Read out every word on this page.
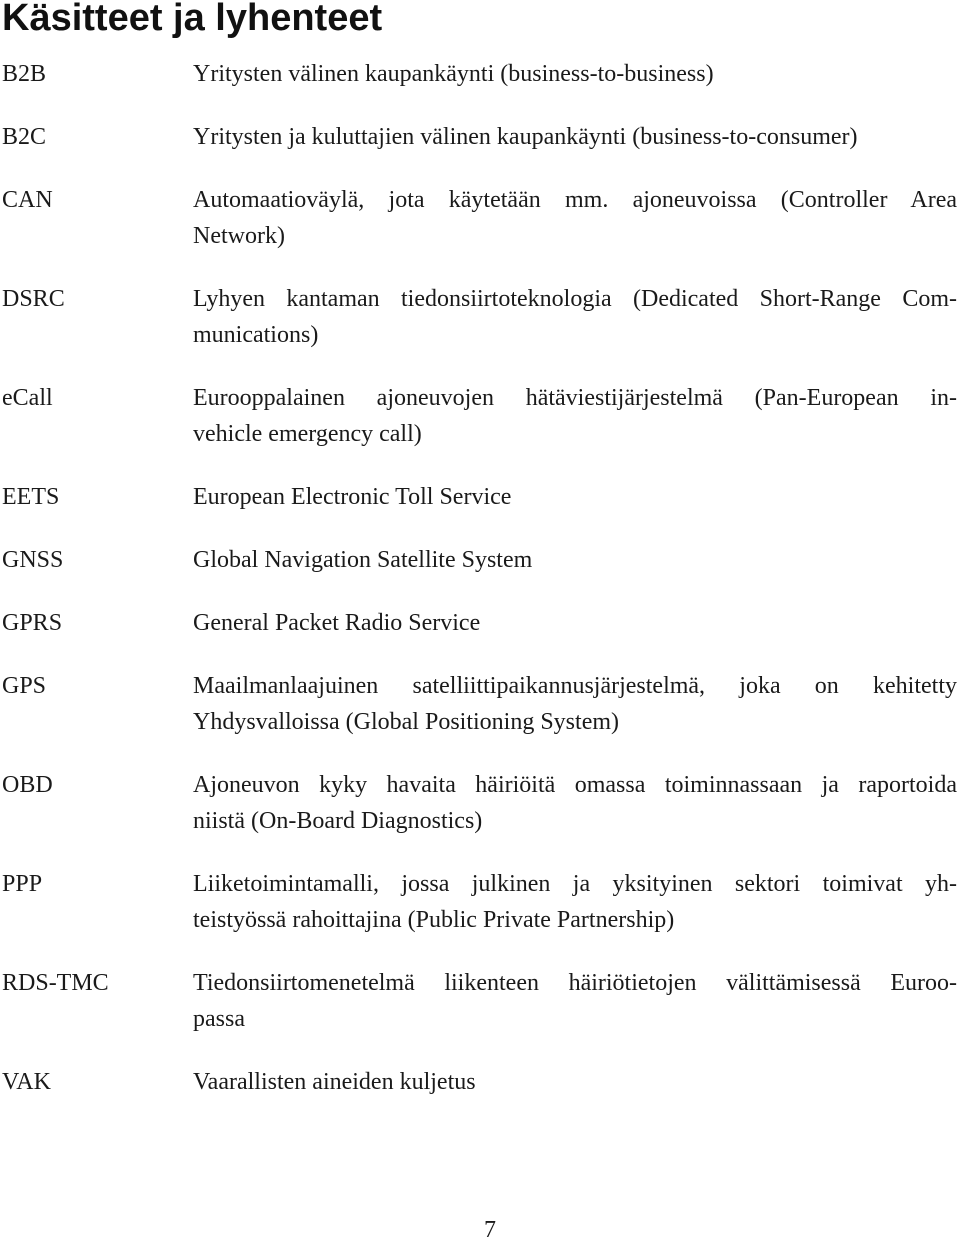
Käsitteet ja lyhenteet
B2B	Yritysten välinen kaupankäynti (business-to-business)
B2C	Yritysten ja kuluttajien välinen kaupankäynti (business-to-consumer)
CAN	Automaatioväylä, jota käytetään mm. ajoneuvoissa (Controller Area
Network)
DSRC	Lyhyen kantaman tiedonsiirtoteknologia (Dedicated Short-Range Com-
munications)
eCall	Eurooppalainen ajoneuvojen hätäviestijärjestelmä (Pan-European in-
vehicle emergency call)
EETS	European Electronic Toll Service
GNSS	Global Navigation Satellite System
GPRS	General Packet Radio Service
GPS	Maailmanlaajuinen satelliittipaikannusjärjestelmä, joka on kehitetty
Yhdysvalloissa (Global Positioning System)
OBD	Ajoneuvon kyky havaita häiriöitä omassa toiminnassaan ja raportoida
niistä (On-Board Diagnostics)
PPP	Liiketoimintamalli, jossa julkinen ja yksityinen sektori toimivat yh-
teistyössä rahoittajina (Public Private Partnership)
RDS-TMC	Tiedonsiirtomenetelmä liikenteen häiriötietojen välittämisessä Euroo-
passa
VAK	Vaarallisten aineiden kuljetus
7
